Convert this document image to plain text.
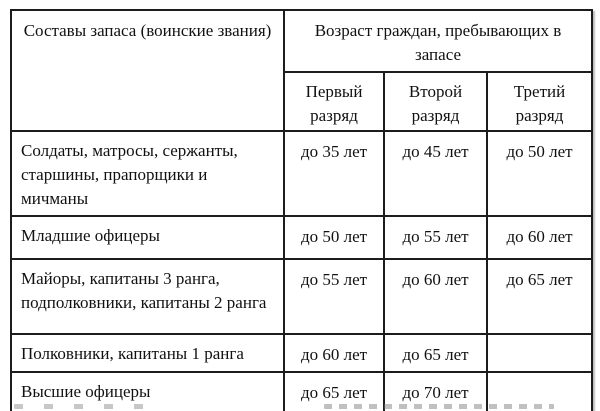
Составы запаса (воинские звания)	Возраст граждан, пребывающих в запасе		
	Первый разряд	Второй разряд	Третий разряд
Солдаты, матросы, сержанты, старшины, прапорщики и мичманы	до 35 лет	до 45 лет	до 50 лет
Младшие офицеры	до 50 лет	до 55 лет	до 60 лет
Майоры, капитаны 3 ранга, подполковники, капитаны 2 ранга	до 55 лет	до 60 лет	до 65 лет
Полковники, капитаны 1 ранга	до 60 лет	до 65 лет	
Высшие офицеры	до 65 лет	до 70 лет	
